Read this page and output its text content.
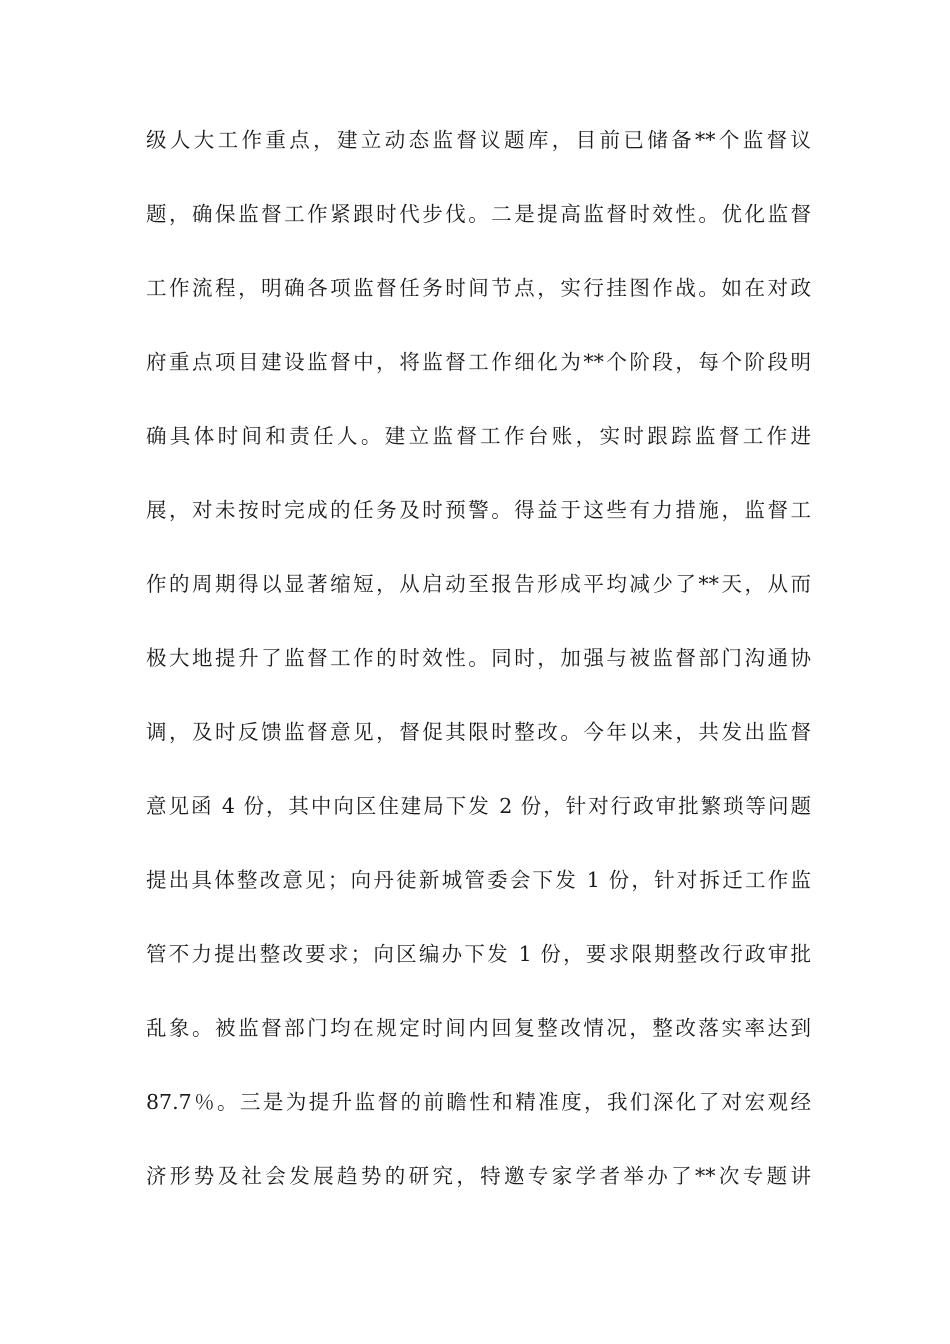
级人大工作重点，建立动态监督议题库，目前已储备**个监督议
题，确保监督工作紧跟时代步伐。二是提高监督时效性。优化监督
工作流程，明确各项监督任务时间节点，实行挂图作战。如在对政
府重点项目建设监督中，将监督工作细化为**个阶段，每个阶段明
确具体时间和责任人。建立监督工作台账，实时跟踪监督工作进
展，对未按时完成的任务及时预警。得益于这些有力措施，监督工
作的周期得以显著缩短，从启动至报告形成平均减少了**天，从而
极大地提升了监督工作的时效性。同时，加强与被监督部门沟通协
调，及时反馈监督意见，督促其限时整改。今年以来，共发出监督
意见函 4 份，其中向区住建局下发 2 份，针对行政审批繁琐等问题
提出具体整改意见；向丹徒新城管委会下发 1 份，针对拆迁工作监
管不力提出整改要求；向区编办下发 1 份，要求限期整改行政审批
乱象。被监督部门均在规定时间内回复整改情况，整改落实率达到
87.7％。三是为提升监督的前瞻性和精准度，我们深化了对宏观经
济形势及社会发展趋势的研究，特邀专家学者举办了**次专题讲
